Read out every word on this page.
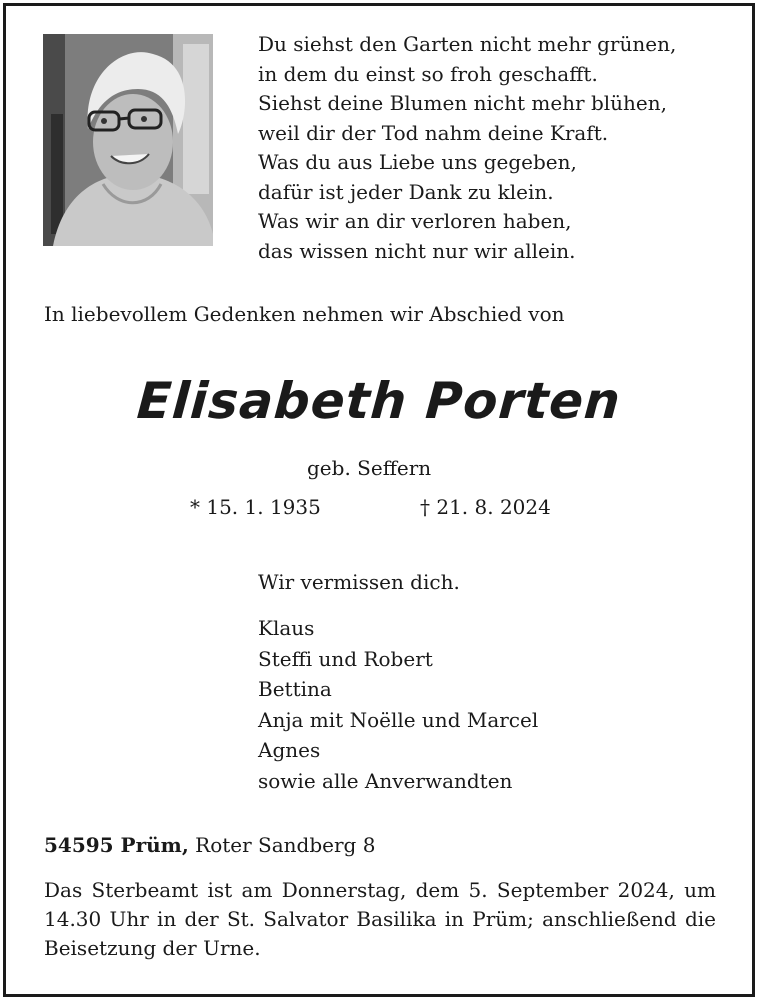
Du siehst den Garten nicht mehr grünen,
in dem du einst so froh geschafft.
Siehst deine Blumen nicht mehr blühen,
weil dir der Tod nahm deine Kraft.
Was du aus Liebe uns gegeben,
dafür ist jeder Dank zu klein.
Was wir an dir verloren haben,
das wissen nicht nur wir allein.
In liebevollem Gedenken nehmen wir Abschied von
Elisabeth Porten
geb. Seffern
* 15. 1. 1935	† 21. 8. 2024
Wir vermissen dich.
Klaus
Steffi und Robert
Bettina
Anja mit Noëlle und Marcel
Agnes
sowie alle Anverwandten
54595 Prüm, Roter Sandberg 8
Das Sterbeamt ist am Donnerstag, dem 5. September 2024, um 14.30 Uhr in der St. Salvator Basilika in Prüm; anschließend die Beisetzung der Urne.
